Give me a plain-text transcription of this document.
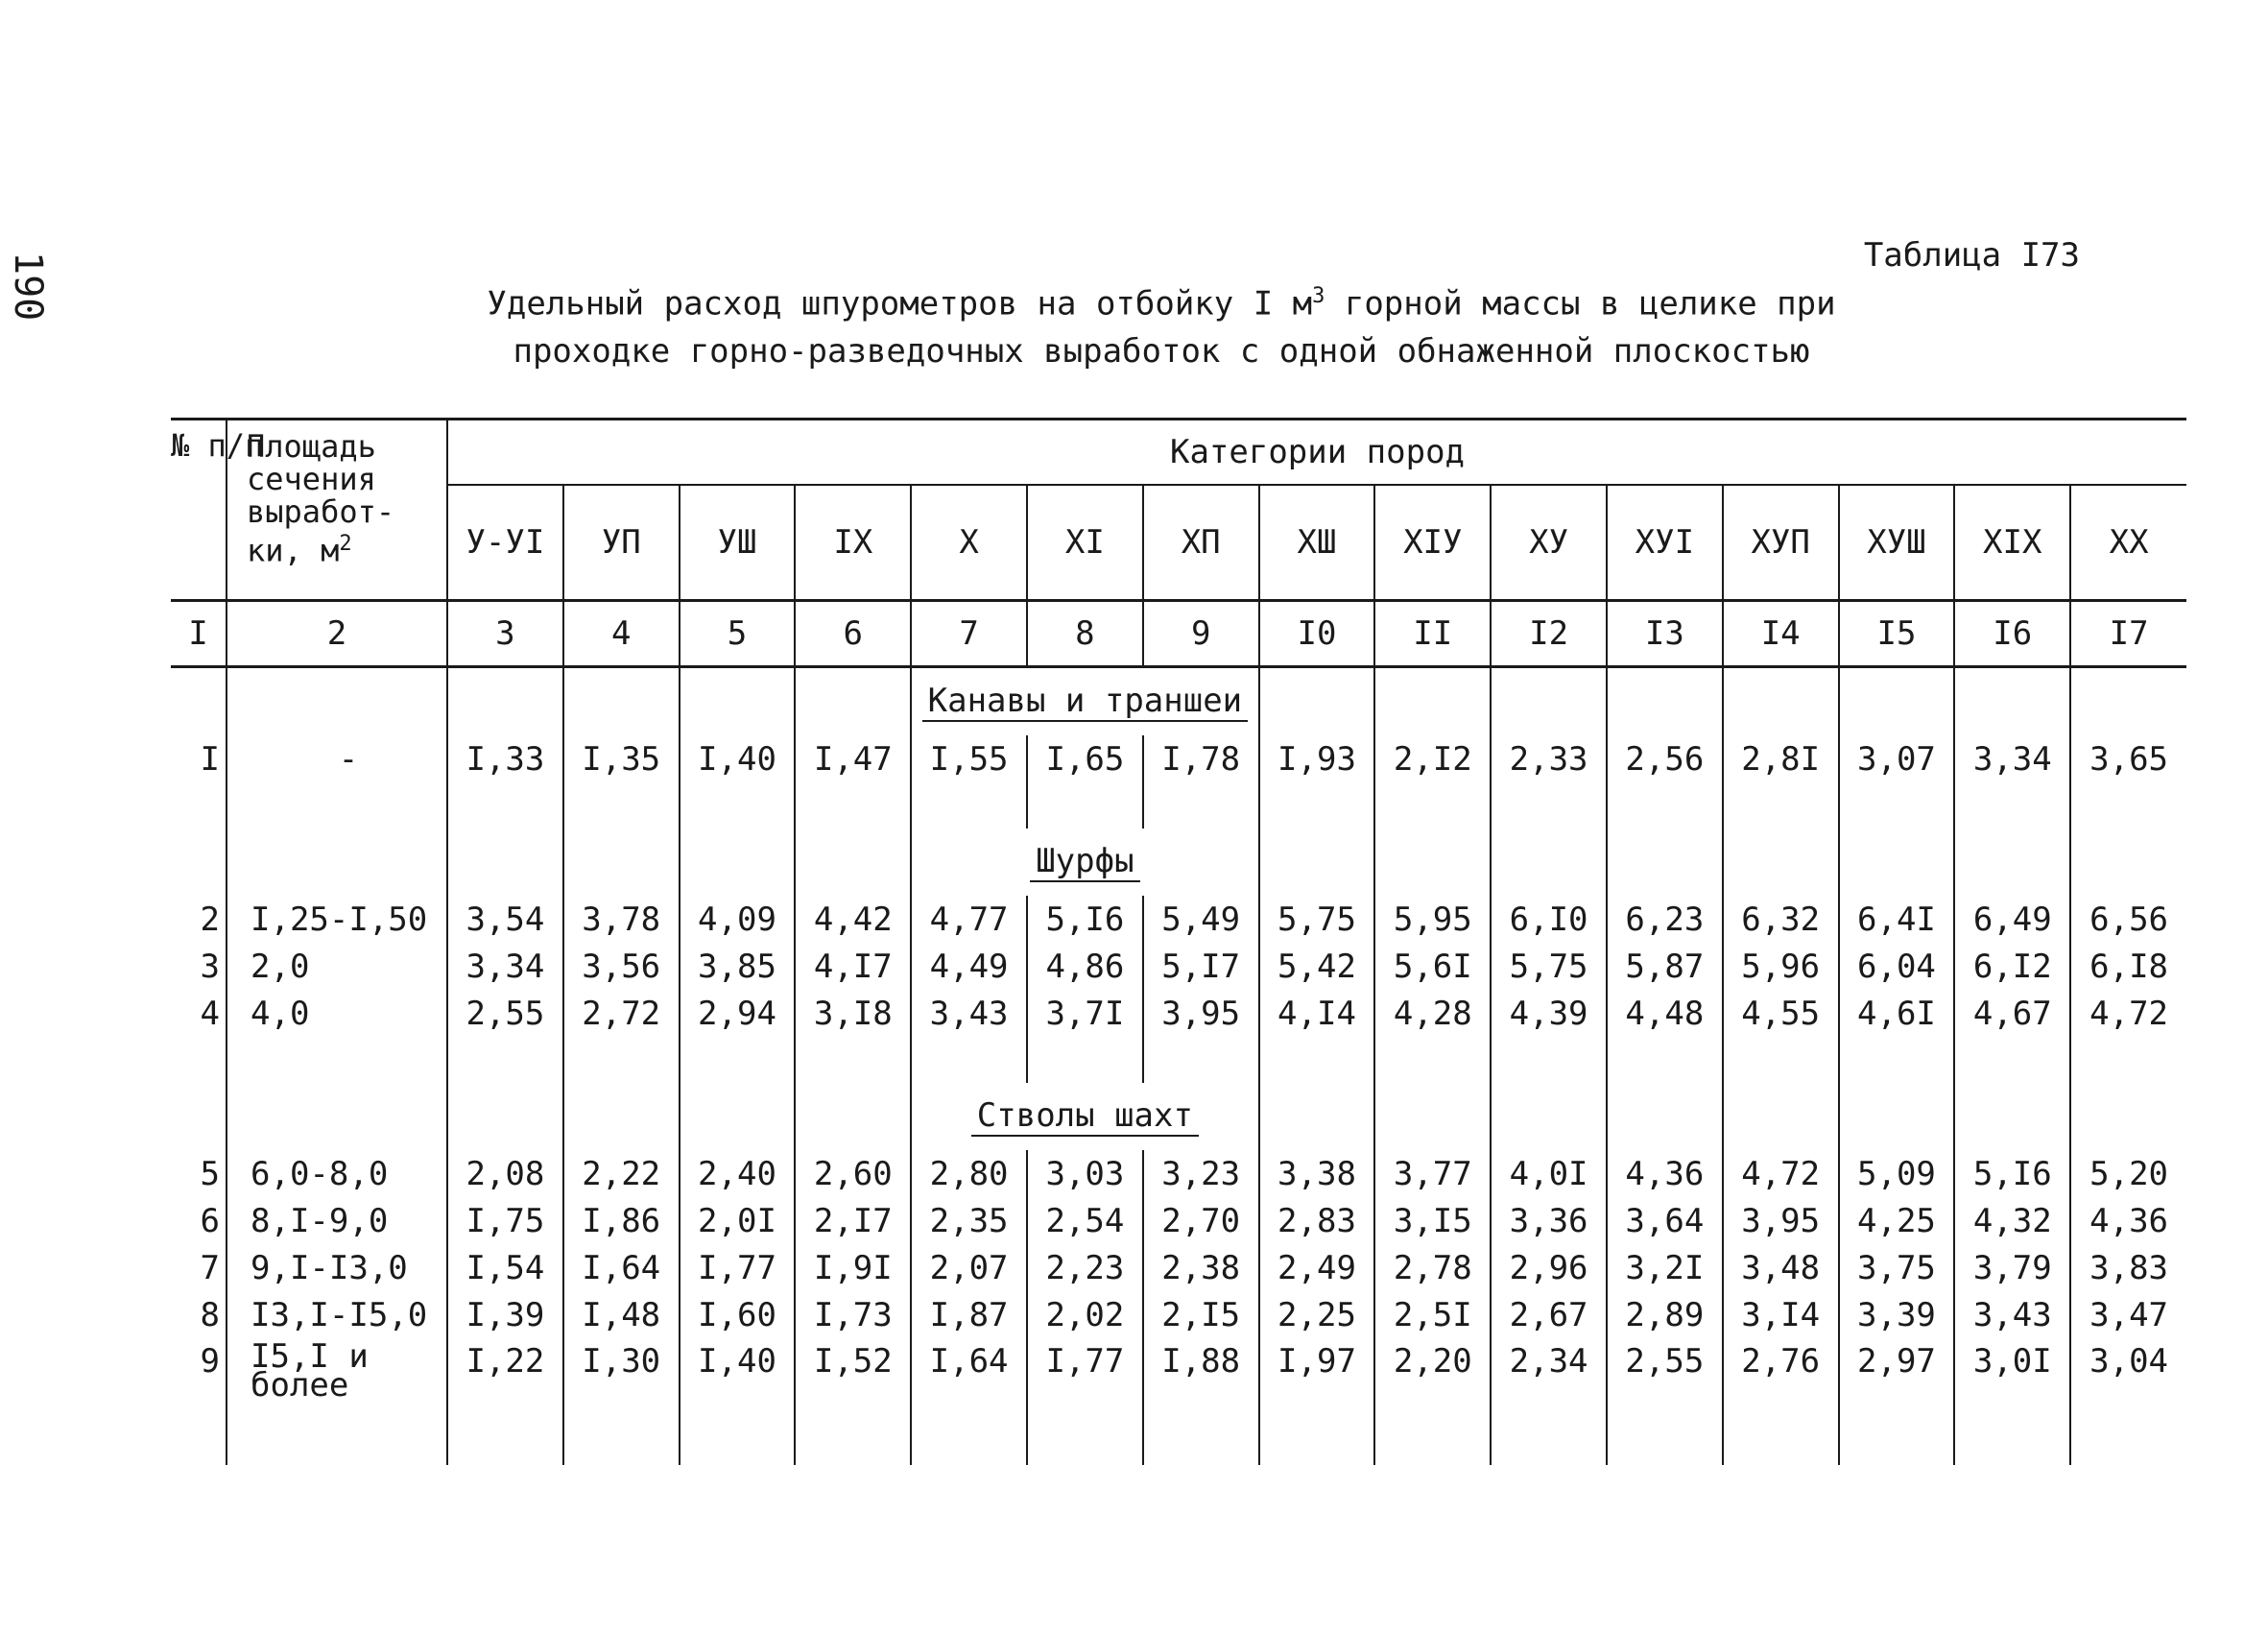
190	Таблица I73
Удельный расход шпурометров на отбойку I $м^3$ горной массы в целике при
проходке горно-разведочных выработок с одной обнаженной плоскостью
№ п/п	Площадь сечения выработ-ки, $м^2$	Категории пород														
		У-УI	УП	УШ	IX	X	XI	XП	XШ	XIУ	XУ	XУI	XУП	XУШ	XIX	XX
I	2	3	4	5	6	7	8	9	I0	II	I2	I3	I4	I5	I6	I7
						Канавы и траншеи										
I	-	I,33	I,35	I,40	I,47	I,55	I,65	I,78	I,93	2,I2	2,33	2,56	2,8I	3,07	3,34	3,65

						Шурфы										
2	I,25-I,50	3,54	3,78	4,09	4,42	4,77	5,I6	5,49	5,75	5,95	6,I0	6,23	6,32	6,4I	6,49	6,56
3	2,0	3,34	3,56	3,85	4,I7	4,49	4,86	5,I7	5,42	5,6I	5,75	5,87	5,96	6,04	6,I2	6,I8
4	4,0	2,55	2,72	2,94	3,I8	3,43	3,7I	3,95	4,I4	4,28	4,39	4,48	4,55	4,6I	4,67	4,72

						Стволы шахт										
5	6,0-8,0	2,08	2,22	2,40	2,60	2,80	3,03	3,23	3,38	3,77	4,0I	4,36	4,72	5,09	5,I6	5,20
6	8,I-9,0	I,75	I,86	2,0I	2,I7	2,35	2,54	2,70	2,83	3,I5	3,36	3,64	3,95	4,25	4,32	4,36
7	9,I-I3,0	I,54	I,64	I,77	I,9I	2,07	2,23	2,38	2,49	2,78	2,96	3,2I	3,48	3,75	3,79	3,83
8	I3,I-I5,0	I,39	I,48	I,60	I,73	I,87	2,02	2,I5	2,25	2,5I	2,67	2,89	3,I4	3,39	3,43	3,47
9	I5,I и более	I,22	I,30	I,40	I,52	I,64	I,77	I,88	I,97	2,20	2,34	2,55	2,76	2,97	3,0I	3,04
